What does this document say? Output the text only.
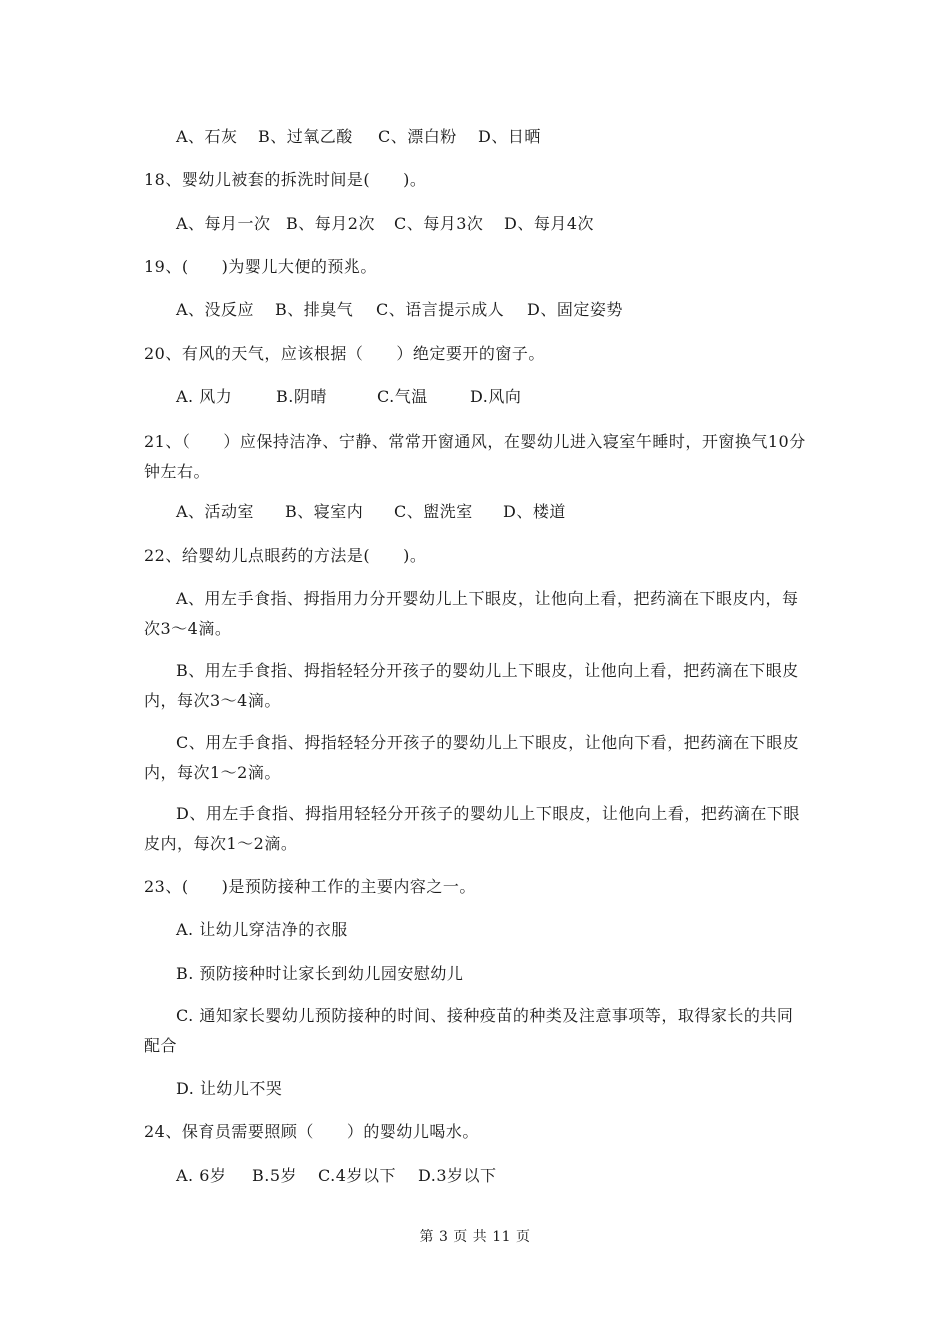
A、石灰 B、过氧乙酸 C、漂白粉 D、日晒
18、婴幼儿被套的拆洗时间是(　　)。
A、每月一次 B、每月2次 C、每月3次 D、每月4次
19、(　　)为婴儿大便的预兆。
A、没反应 B、排臭气 C、语言提示成人 D、固定姿势
20、有风的天气，应该根据（　　）绝定要开的窗子。
A. 风力	B.阴晴	C.气温	D.风向
21、（　　）应保持洁净、宁静、常常开窗通风，在婴幼儿进入寝室午睡时，开窗换气10分钟左右。
A、活动室 B、寝室内 C、盥洗室 D、楼道
22、给婴幼儿点眼药的方法是(　　)。
A、用左手食指、拇指用力分开婴幼儿上下眼皮，让他向上看，把药滴在下眼皮内，每次3～4滴。
B、用左手食指、拇指轻轻分开孩子的婴幼儿上下眼皮，让他向上看，把药滴在下眼皮内，每次3～4滴。
C、用左手食指、拇指轻轻分开孩子的婴幼儿上下眼皮，让他向下看，把药滴在下眼皮内，每次1～2滴。
D、用左手食指、拇指用轻轻分开孩子的婴幼儿上下眼皮，让他向上看，把药滴在下眼皮内，每次1～2滴。
23、(　　)是预防接种工作的主要内容之一。
A. 让幼儿穿洁净的衣服
B. 预防接种时让家长到幼儿园安慰幼儿
C. 通知家长婴幼儿预防接种的时间、接种疫苗的种类及注意事项等，取得家长的共同配合
D. 让幼儿不哭
24、保育员需要照顾（　　）的婴幼儿喝水。
A. 6岁 B.5岁 C.4岁以下 D.3岁以下
第 3 页 共 11 页
